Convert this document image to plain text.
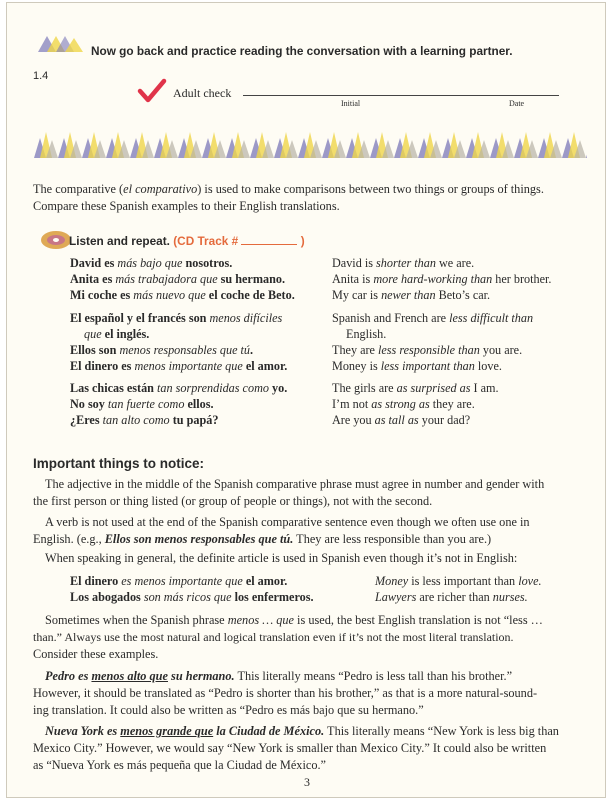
Now go back and practice reading the conversation with a learning partner.
1.4
Adult check
Initial	Date
The comparative (el comparativo) is used to make comparisons between two things or groups of things.
Compare these Spanish examples to their English translations.
Listen and repeat. (CD Track #	)
David es más bajo que nosotros.	David is shorter than we are.
Anita es más trabajadora que su hermano.	Anita is more hard-working than her brother.
Mi coche es más nuevo que el coche de Beto.	My car is newer than Beto’s car.
El español y el francés son menos difíciles	Spanish and French are less difficult than
que el inglés.	English.
Ellos son menos responsables que tú.	They are less responsible than you are.
El dinero es menos importante que el amor.	Money is less important than love.
Las chicas están tan sorprendidas como yo.	The girls are as surprised as I am.
No soy tan fuerte como ellos.	I’m not as strong as they are.
¿Eres tan alto como tu papá?	Are you as tall as your dad?
Important things to notice:
The adjective in the middle of the Spanish comparative phrase must agree in number and gender with
the first person or thing listed (or group of people or things), not with the second.
A verb is not used at the end of the Spanish comparative sentence even though we often use one in
English. (e.g., Ellos son menos responsables que tú. They are less responsible than you are.)
When speaking in general, the definite article is used in Spanish even though it’s not in English:
El dinero es menos importante que el amor.	Money is less important than love.
Los abogados son más ricos que los enfermeros.	Lawyers are richer than nurses.
Sometimes when the Spanish phrase menos … que is used, the best English translation is not “less …
than.” Always use the most natural and logical translation even if it’s not the most literal translation.
Consider these examples.
Pedro es menos alto que su hermano. This literally means “Pedro is less tall than his brother.”
However, it should be translated as “Pedro is shorter than his brother,” as that is a more natural-sound-
ing translation. It could also be written as “Pedro es más bajo que su hermano.”
Nueva York es menos grande que la Ciudad de México. This literally means “New York is less big than
Mexico City.” However, we would say “New York is smaller than Mexico City.” It could also be written
as “Nueva York es más pequeña que la Ciudad de México.”
3
